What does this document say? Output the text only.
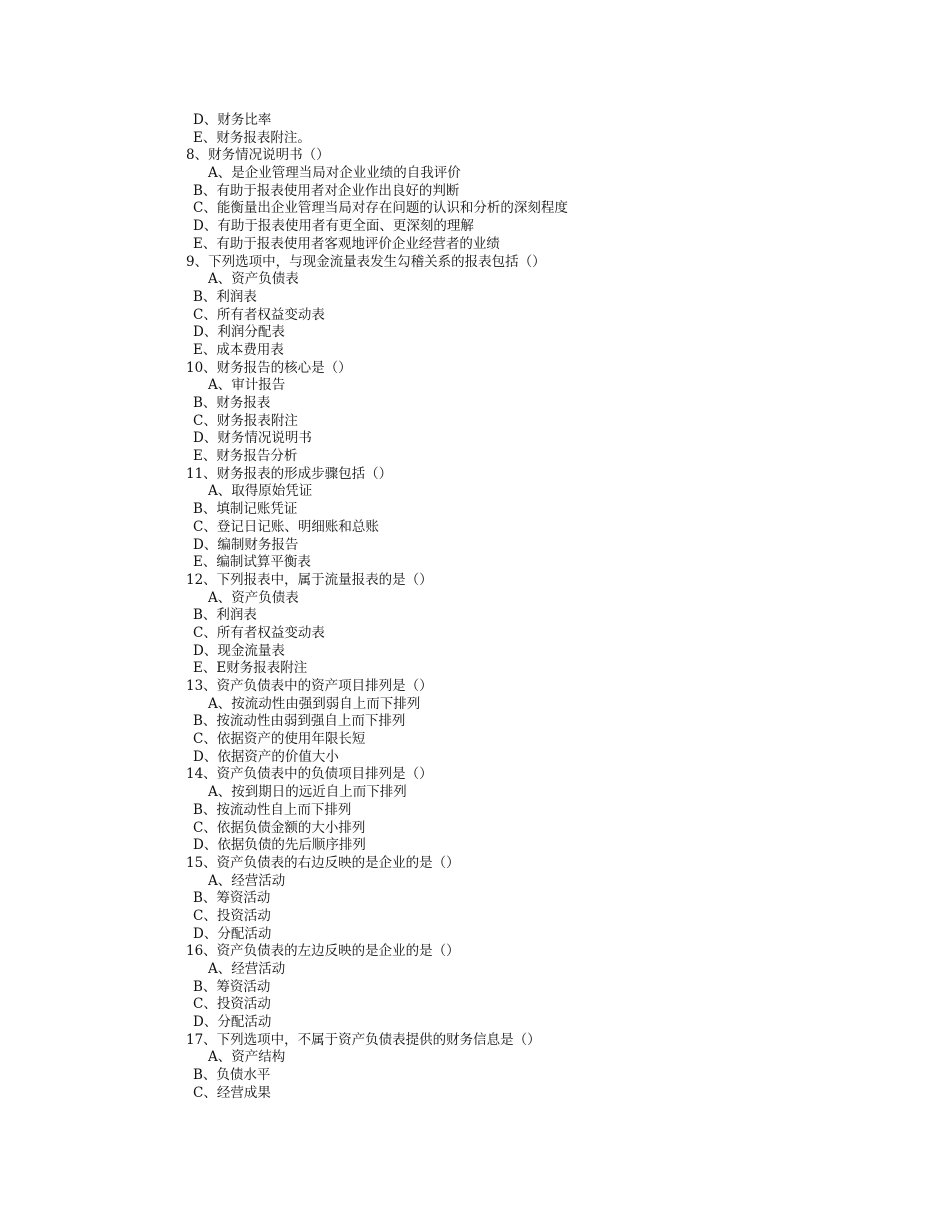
D、财务比率
E、财务报表附注。
8、财务情况说明书（）
A、是企业管理当局对企业业绩的自我评价
B、有助于报表使用者对企业作出良好的判断
C、能衡量出企业管理当局对存在问题的认识和分析的深刻程度
D、有助于报表使用者有更全面、更深刻的理解
E、有助于报表使用者客观地评价企业经营者的业绩
9、下列选项中，与现金流量表发生勾稽关系的报表包括（）
A、资产负债表
B、利润表
C、所有者权益变动表
D、利润分配表
E、成本费用表
10、财务报告的核心是（）
A、审计报告
B、财务报表
C、财务报表附注
D、财务情况说明书
E、财务报告分析
11、财务报表的形成步骤包括（）
A、取得原始凭证
B、填制记账凭证
C、登记日记账、明细账和总账
D、编制财务报告
E、编制试算平衡表
12、下列报表中，属于流量报表的是（）
A、资产负债表
B、利润表
C、所有者权益变动表
D、现金流量表
E、E财务报表附注
13、资产负债表中的资产项目排列是（）
A、按流动性由强到弱自上而下排列
B、按流动性由弱到强自上而下排列
C、依据资产的使用年限长短
D、依据资产的价值大小
14、资产负债表中的负债项目排列是（）
A、按到期日的远近自上而下排列
B、按流动性自上而下排列
C、依据负债金额的大小排列
D、依据负债的先后顺序排列
15、资产负债表的右边反映的是企业的是（）
A、经营活动
B、筹资活动
C、投资活动
D、分配活动
16、资产负债表的左边反映的是企业的是（）
A、经营活动
B、筹资活动
C、投资活动
D、分配活动
17、下列选项中，不属于资产负债表提供的财务信息是（）
A、资产结构
B、负债水平
C、经营成果
